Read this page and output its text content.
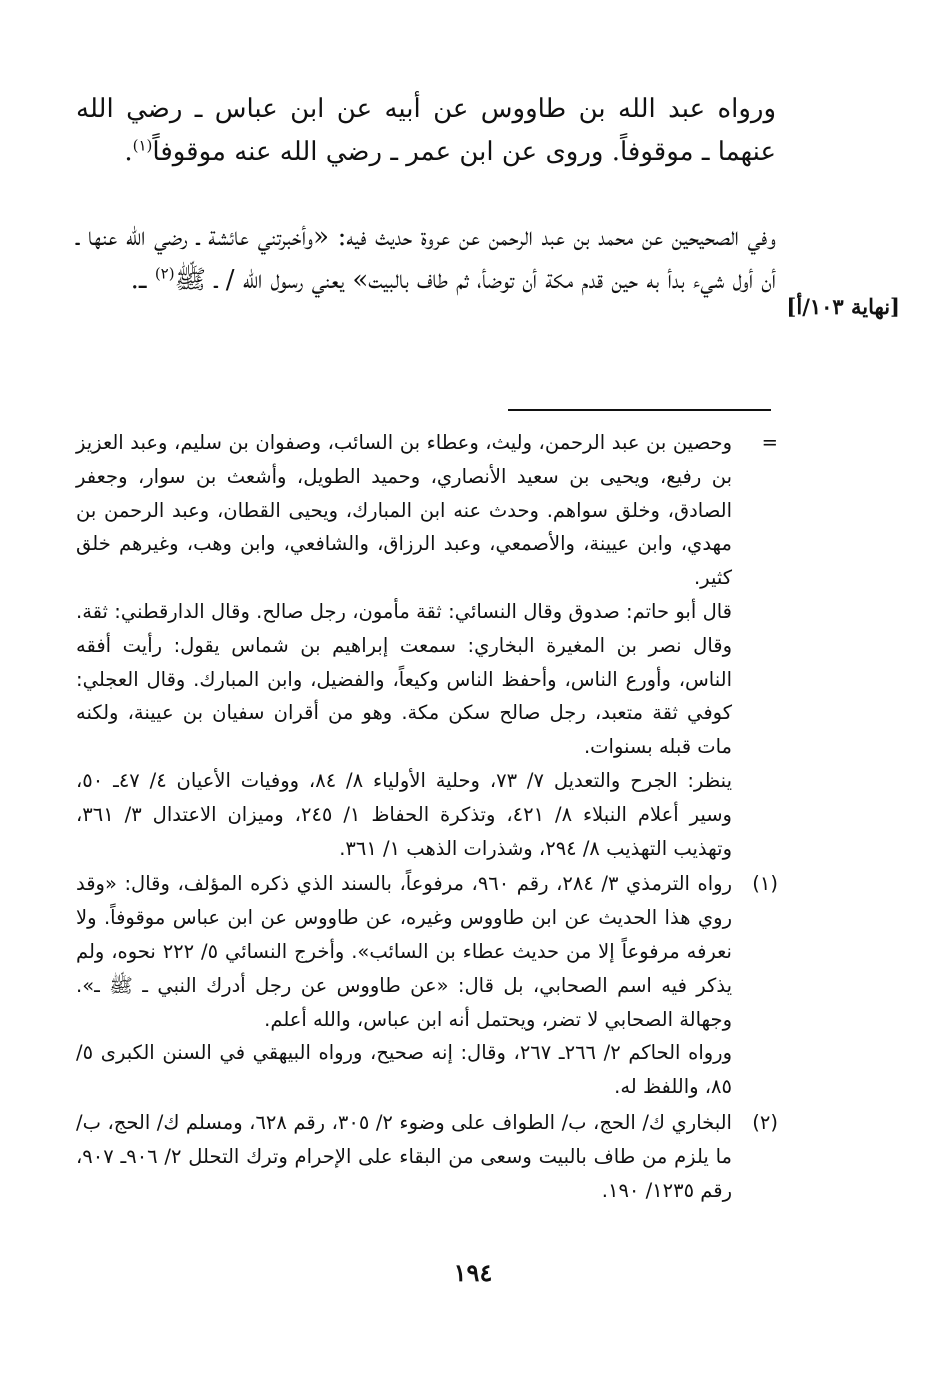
ورواه عبد الله بن طاووس عن أبيه عن ابن عباس ـ رضي الله عنهما ـ موقوفاً. وروى عن ابن عمر ـ رضي الله عنه موقوفاً$^{(١)}$.
وفي الصحيحين عن محمد بن عبد الرحمن عن عروة حديث فيه: «وأخبرتني عائشة ـ رضي الله عنها ـ أن أول شيء بدأ به حين قدم مكة أن توضأ، ثم طاف بالبيت» يعني رسول الله / ـ ﷺ$^{(٢)}$ ـ.
[نهاية ١٠٣/أ]
=

وحصين بن عبد الرحمن، وليث، وعطاء بن السائب، وصفوان بن سليم، وعبد العزيز بن رفيع، ويحيى بن سعيد الأنصاري، وحميد الطويل، وأشعث بن سوار، وجعفر الصادق، وخلق سواهم. وحدث عنه ابن المبارك، ويحيى القطان، وعبد الرحمن بن مهدي، وابن عيينة، والأصمعي، وعبد الرزاق، والشافعي، وابن وهب، وغيرهم خلق كثير.

قال أبو حاتم: صدوق وقال النسائي: ثقة مأمون، رجل صالح. وقال الدارقطني: ثقة. وقال نصر بن المغيرة البخاري: سمعت إبراهيم بن شماس يقول: رأيت أفقه الناس، وأورع الناس، وأحفظ الناس وكيعاً، والفضيل، وابن المبارك. وقال العجلي: كوفي ثقة متعبد، رجل صالح سكن مكة. وهو من أقران سفيان بن عيينة، ولكنه مات قبله بسنوات.

ينظر: الجرح والتعديل ٧/ ٧٣، وحلية الأولياء ٨/ ٨٤، ووفيات الأعيان ٤/ ٤٧ـ ٥٠، وسير أعلام النبلاء ٨/ ٤٢١، وتذكرة الحفاظ ١/ ٢٤٥، وميزان الاعتدال ٣/ ٣٦١، وتهذيب التهذيب ٨/ ٢٩٤، وشذرات الذهب ١/ ٣٦١.

(١)

رواه الترمذي ٣/ ٢٨٤، رقم ٩٦٠، مرفوعاً، بالسند الذي ذكره المؤلف، وقال: «وقد روي هذا الحديث عن ابن طاووس وغيره، عن طاووس عن ابن عباس موقوفاً. ولا نعرفه مرفوعاً إلا من حديث عطاء بن السائب». وأخرج النسائي ٥/ ٢٢٢ نحوه، ولم يذكر فيه اسم الصحابي، بل قال: «عن طاووس عن رجل أدرك النبي ـ ﷺ ـ». وجهالة الصحابي لا تضر، ويحتمل أنه ابن عباس، والله أعلم.

ورواه الحاكم ٢/ ٢٦٦ـ ٢٦٧، وقال: إنه صحيح، ورواه البيهقي في السنن الكبرى ٥/ ٨٥، واللفظ له.

(٢)

البخاري ك/ الحج، ب/ الطواف على وضوء ٢/ ٣٠٥، رقم ٦٢٨، ومسلم ك/ الحج، ب/ ما يلزم من طاف بالبيت وسعى من البقاء على الإحرام وترك التحلل ٢/ ٩٠٦ـ ٩٠٧، رقم ١٢٣٥/ ١٩٠.

١٩٤
